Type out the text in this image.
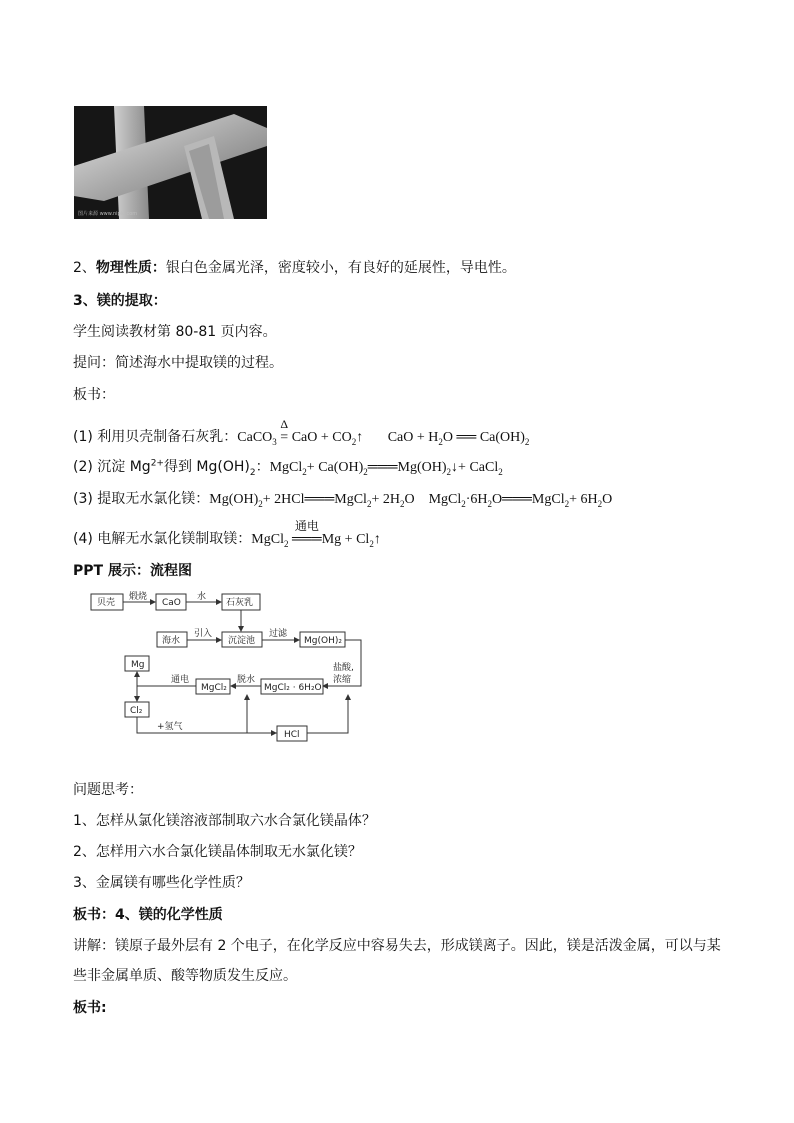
图片来源 www.nipic.com
2、物理性质：银白色金属光泽，密度较小，有良好的延展性，导电性。
3、镁的提取：
学生阅读教材第 80-81 页内容。
提问：简述海水中提取镁的过程。
板书：
(1) 利用贝壳制备石灰乳：CaCO$_3$
Δ
= CaO + $CO_2↑$       CaO + $H_2O$ ══ $Ca(OH)_2$
(2) 沉淀 $Mg^{2+}$得到 $Mg(OH)_2$：MgCl$_2$+ $Ca(OH)_2═══Mg(OH)_2↓+$ CaCl$_2$
(3) 提取无水氯化镁：$Mg(OH)_2+$ 2HCl═══MgCl$_2$+ $2H_2O$    $MgCl_2\cdot 6H_2O═══MgCl_2+ 6H_2O$
(4) 电解无水氯化镁制取镁：MgCl$_2$
通电
═══Mg + $Cl_2↑$
PPT 展示：流程图
贝壳
煅烧
CaO
水
石灰乳
海水
引入
沉淀池
过滤
Mg(OH)₂
盐酸,
浓缩
Mg
MgCl₂ · 6H₂O
脱水
MgCl₂
通电
Cl₂
+氢气
HCl
问题思考：
1、怎样从氯化镁溶液部制取六水合氯化镁晶体？
2、怎样用六水合氯化镁晶体制取无水氯化镁？
3、金属镁有哪些化学性质？
板书：4、镁的化学性质
讲解：镁原子最外层有 2 个电子，在化学反应中容易失去，形成镁离子。因此，镁是活泼金属，可以与某
些非金属单质、酸等物质发生反应。
板书:
